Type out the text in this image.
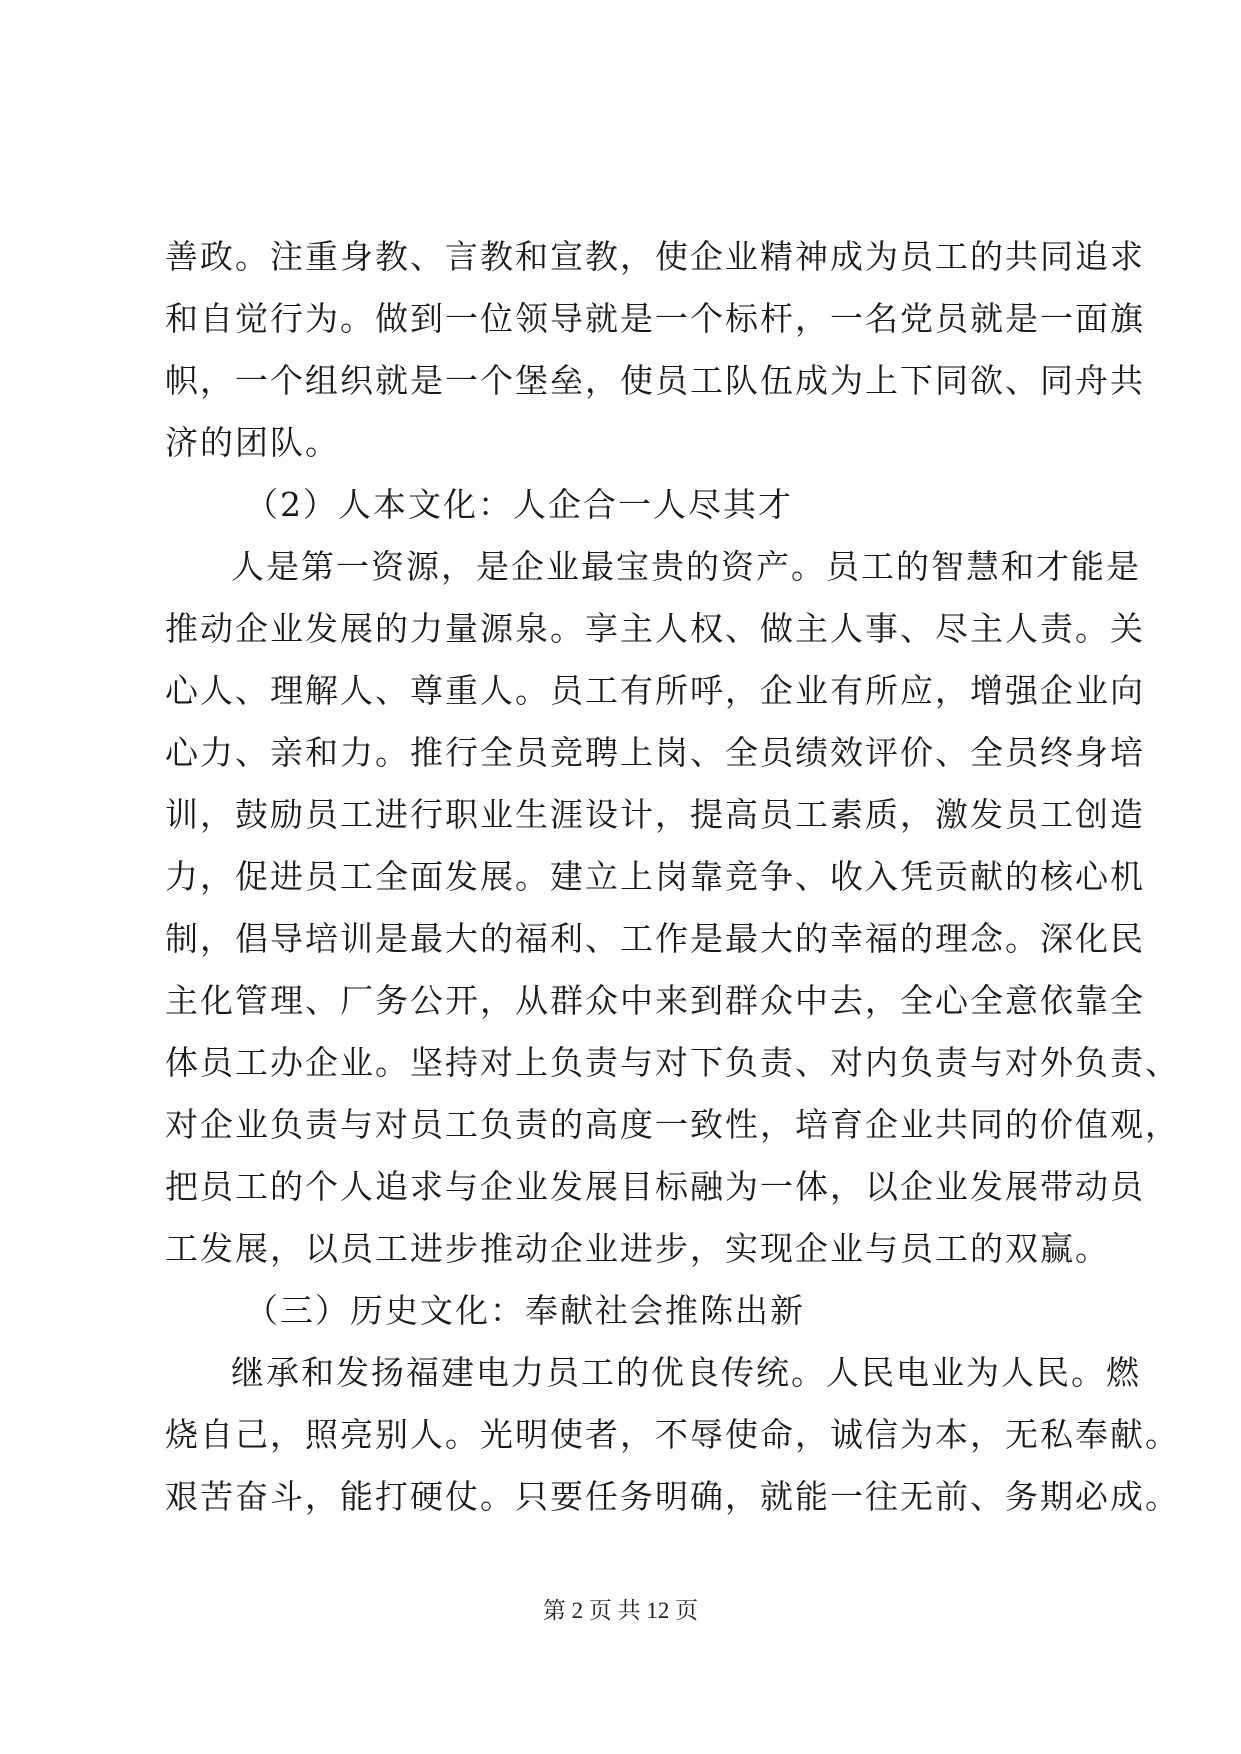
善政。注重身教、言教和宣教，使企业精神成为员工的共同追求
和自觉行为。做到一位领导就是一个标杆，一名党员就是一面旗
帜，一个组织就是一个堡垒，使员工队伍成为上下同欲、同舟共
济的团队。
（2）人本文化：人企合一人尽其才
人是第一资源，是企业最宝贵的资产。员工的智慧和才能是
推动企业发展的力量源泉。享主人权、做主人事、尽主人责。关
心人、理解人、尊重人。员工有所呼，企业有所应，增强企业向
心力、亲和力。推行全员竞聘上岗、全员绩效评价、全员终身培
训，鼓励员工进行职业生涯设计，提高员工素质，激发员工创造
力，促进员工全面发展。建立上岗靠竞争、收入凭贡献的核心机
制，倡导培训是最大的福利、工作是最大的幸福的理念。深化民
主化管理、厂务公开，从群众中来到群众中去，全心全意依靠全
体员工办企业。坚持对上负责与对下负责、对内负责与对外负责、
对企业负责与对员工负责的高度一致性，培育企业共同的价值观，
把员工的个人追求与企业发展目标融为一体，以企业发展带动员
工发展，以员工进步推动企业进步，实现企业与员工的双赢。
（三）历史文化：奉献社会推陈出新
继承和发扬福建电力员工的优良传统。人民电业为人民。燃
烧自己，照亮别人。光明使者，不辱使命，诚信为本，无私奉献。
艰苦奋斗，能打硬仗。只要任务明确，就能一往无前、务期必成。
第 2 页 共 12 页
